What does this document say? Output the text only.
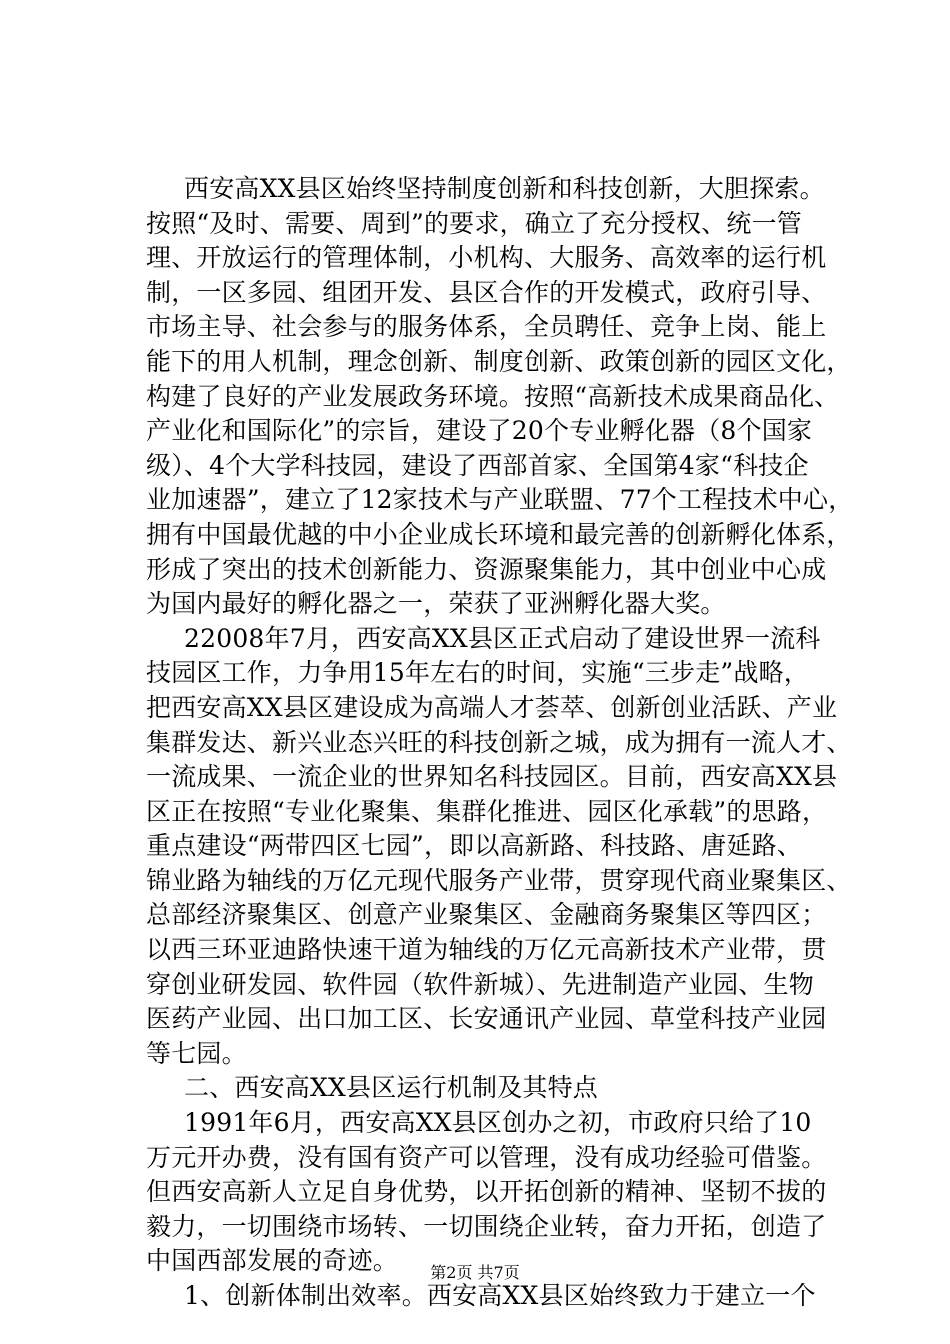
西安高XX县区始终坚持制度创新和科技创新，大胆探索。
按照“及时、需要、周到”的要求，确立了充分授权、统一管
理、开放运行的管理体制，小机构、大服务、高效率的运行机
制，一区多园、组团开发、县区合作的开发模式，政府引导、
市场主导、社会参与的服务体系，全员聘任、竞争上岗、能上
能下的用人机制，理念创新、制度创新、政策创新的园区文化，
构建了良好的产业发展政务环境。按照“高新技术成果商品化、
产业化和国际化”的宗旨，建设了20个专业孵化器（8个国家
级）、4个大学科技园，建设了西部首家、全国第4家“科技企
业加速器”，建立了12家技术与产业联盟、77个工程技术中心，
拥有中国最优越的中小企业成长环境和最完善的创新孵化体系，
形成了突出的技术创新能力、资源聚集能力，其中创业中心成
为国内最好的孵化器之一，荣获了亚洲孵化器大奖。
22008年7月，西安高XX县区正式启动了建设世界一流科
技园区工作，力争用15年左右的时间，实施“三步走”战略，
把西安高XX县区建设成为高端人才荟萃、创新创业活跃、产业
集群发达、新兴业态兴旺的科技创新之城，成为拥有一流人才、
一流成果、一流企业的世界知名科技园区。目前，西安高XX县
区正在按照“专业化聚集、集群化推进、园区化承载”的思路，
重点建设“两带四区七园”，即以高新路、科技路、唐延路、
锦业路为轴线的万亿元现代服务产业带，贯穿现代商业聚集区、
总部经济聚集区、创意产业聚集区、金融商务聚集区等四区；
以西三环亚迪路快速干道为轴线的万亿元高新技术产业带，贯
穿创业研发园、软件园（软件新城）、先进制造产业园、生物
医药产业园、出口加工区、长安通讯产业园、草堂科技产业园
等七园。
二、西安高XX县区运行机制及其特点
1991年6月，西安高XX县区创办之初，市政府只给了10
万元开办费，没有国有资产可以管理，没有成功经验可借鉴。
但西安高新人立足自身优势，以开拓创新的精神、坚韧不拔的
毅力，一切围绕市场转、一切围绕企业转，奋力开拓，创造了
中国西部发展的奇迹。
1、创新体制出效率。西安高XX县区始终致力于建立一个
第2页 共7页
